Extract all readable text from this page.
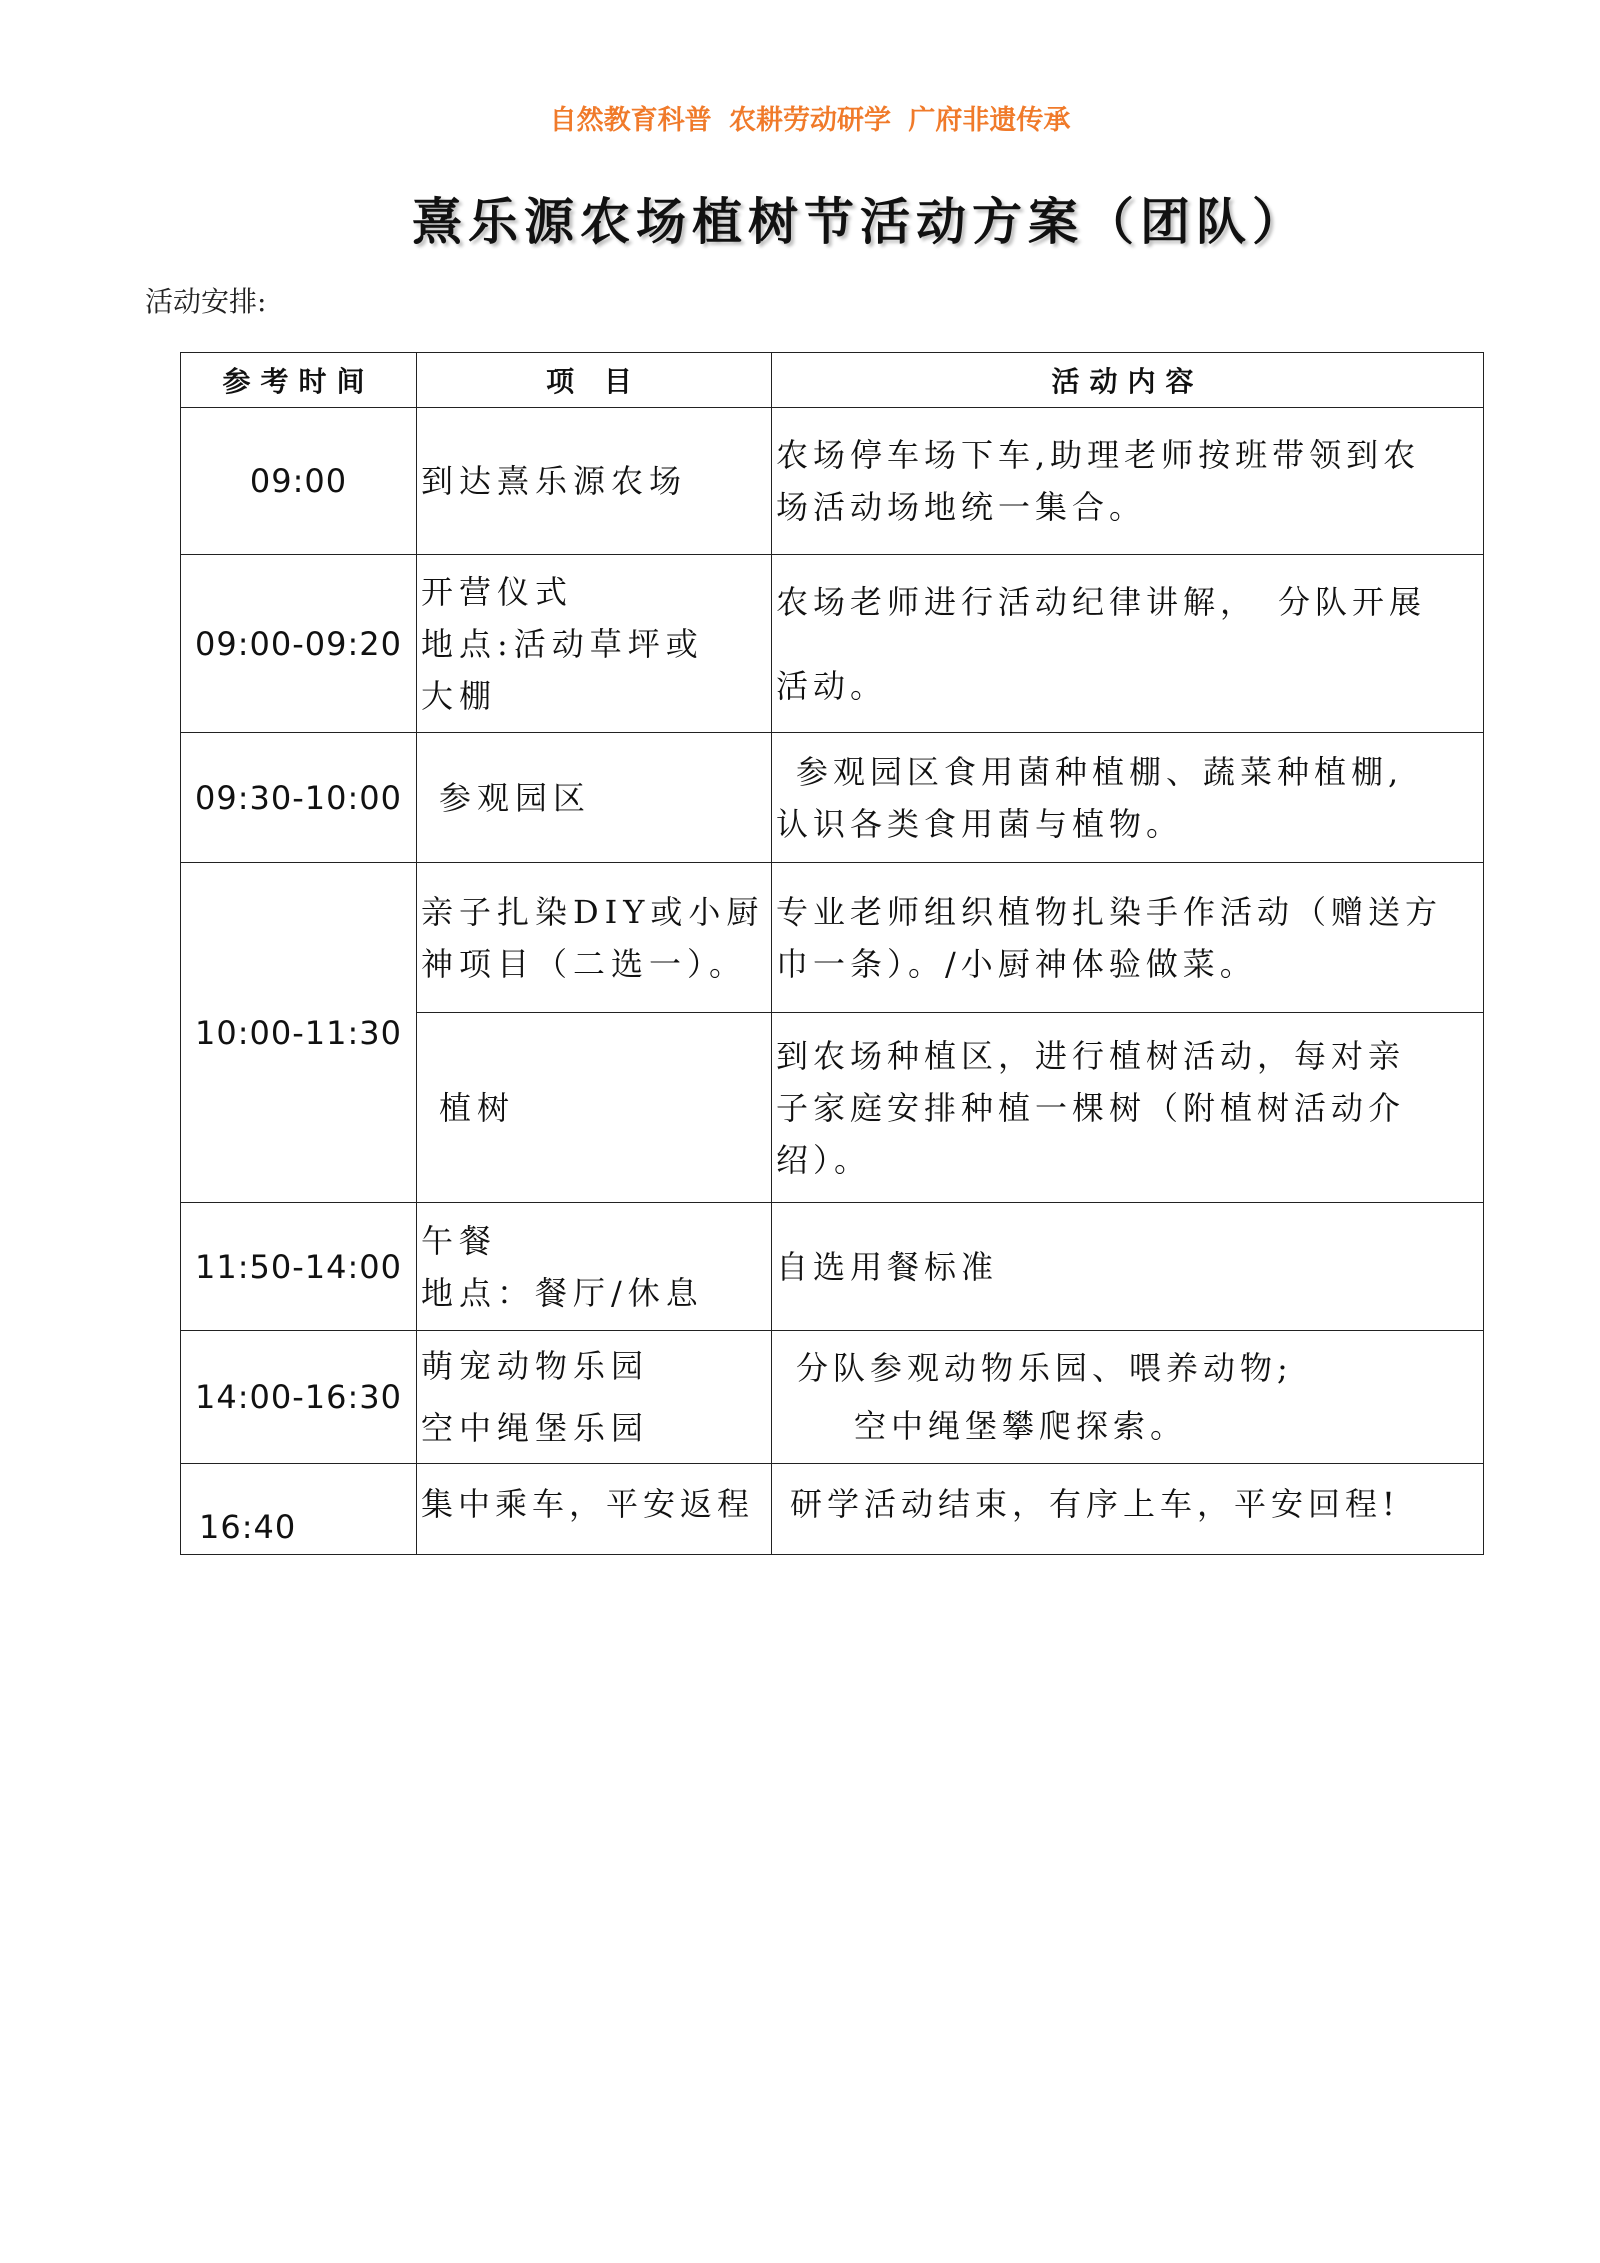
自然教育科普 农耕劳动研学 广府非遗传承
熹乐源农场植树节活动方案（团队）
活动安排:
参考时间	项 目	活动内容
09:00	到达熹乐源农场	农场停车场下车,助理老师按班带领到农
场活动场地统一集合。

09:00-09:20	开营仪式
地点:活动草坪或
大棚	农场老师进行活动纪律讲解，　分队开展
活动。

09:30-10:00	参观园区	参观园区食用菌种植棚、蔬菜种植棚,
认识各类食用菌与植物。

10:00-11:30	亲子扎染DIY或小厨
神项目（二选一）。	专业老师组织植物扎染手作活动（赠送方
巾一条）。/小厨神体验做菜。

	植树	到农场种植区，进行植树活动，每对亲
子家庭安排种植一棵树（附植树活动介
绍）。

11:50-14:00	午餐
地点：餐厅/休息	自选用餐标准

14:00-16:30	萌宠动物乐园
空中绳堡乐园	分队参观动物乐园、喂养动物;
空中绳堡攀爬探索。

16:40	集中乘车，平安返程	研学活动结束，有序上车，平安回程!
